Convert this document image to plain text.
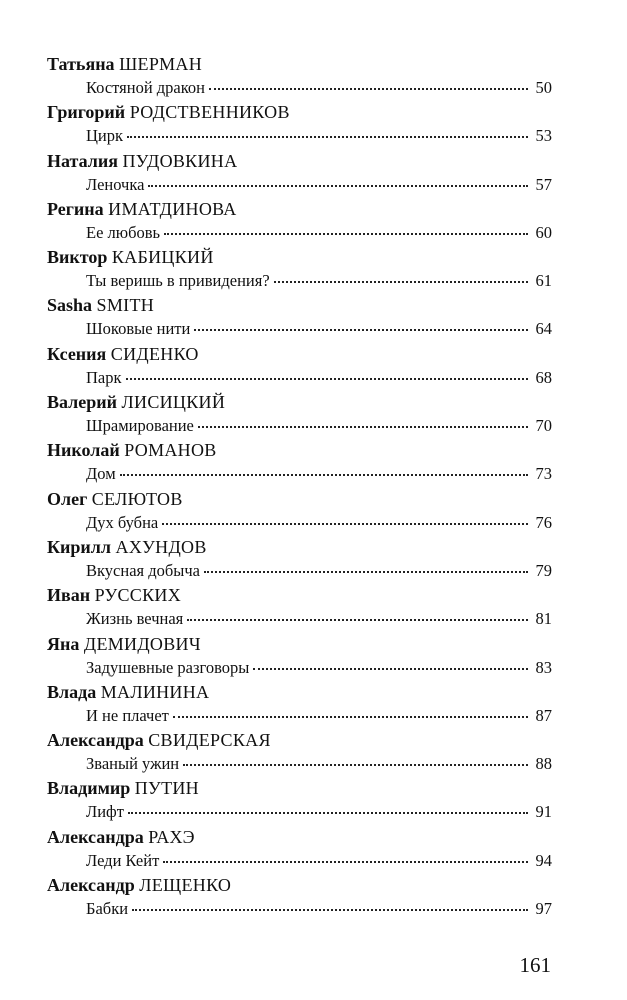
Татьяна ШЕРМАН
Костяной дракон	50
Григорий РОДСТВЕННИКОВ
Цирк	53
Наталия ПУДОВКИНА
Леночка	57
Регина ИМАТДИНОВА
Ее любовь	60
Виктор КАБИЦКИЙ
Ты веришь в привидения?	61
Sasha SMITH
Шоковые нити	64
Ксения СИДЕНКО
Парк	68
Валерий ЛИСИЦКИЙ
Шрамирование	70
Николай РОМАНОВ
Дом	73
Олег СЕЛЮТОВ
Дух бубна	76
Кирилл АХУНДОВ
Вкусная добыча	79
Иван РУССКИХ
Жизнь вечная	81
Яна ДЕМИДОВИЧ
Задушевные разговоры	83
Влада МАЛИНИНА
И не плачет	87
Александра СВИДЕРСКАЯ
Званый ужин	88
Владимир ПУТИН
Лифт	91
Александра РАХЭ
Леди Кейт	94
Александр ЛЕЩЕНКО
Бабки	97
161
